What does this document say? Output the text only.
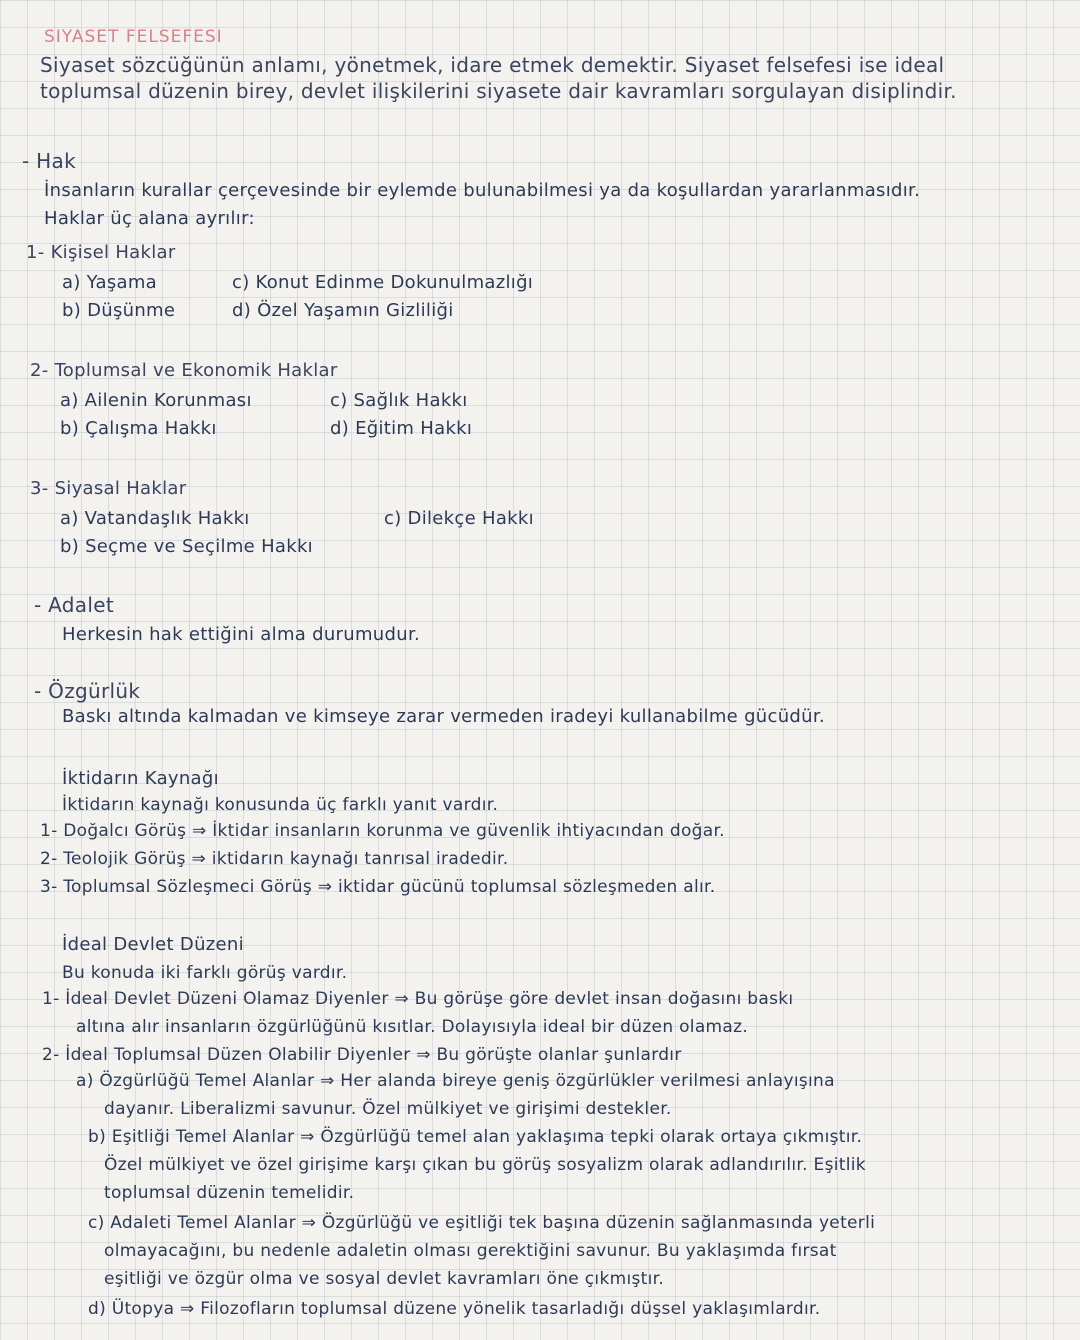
SIYASET FELSEFESI
Siyaset sözcüğünün anlamı, yönetmek, idare etmek demektir. Siyaset felsefesi ise ideal
toplumsal düzenin birey, devlet ilişkilerini siyasete dair kavramları sorgulayan disiplindir.
- Hak
İnsanların kurallar çerçevesinde bir eylemde bulunabilmesi ya da koşullardan yararlanmasıdır.
Haklar üç alana ayrılır:
1- Kişisel Haklar
a) Yaşama
b) Düşünme
c) Konut Edinme Dokunulmazlığı
d) Özel Yaşamın Gizliliği
2- Toplumsal ve Ekonomik Haklar
a) Ailenin Korunması
b) Çalışma Hakkı
c) Sağlık Hakkı
d) Eğitim Hakkı
3- Siyasal Haklar
a) Vatandaşlık Hakkı
b) Seçme ve Seçilme Hakkı
c) Dilekçe Hakkı
- Adalet
Herkesin hak ettiğini alma durumudur.
- Özgürlük
Baskı altında kalmadan ve kimseye zarar vermeden iradeyi kullanabilme gücüdür.
İktidarın Kaynağı
İktidarın kaynağı konusunda üç farklı yanıt vardır.
1- Doğalcı Görüş ⇒ İktidar insanların korunma ve güvenlik ihtiyacından doğar.
2- Teolojik Görüş ⇒ iktidarın kaynağı tanrısal iradedir.
3- Toplumsal Sözleşmeci Görüş ⇒ iktidar gücünü toplumsal sözleşmeden alır.
İdeal Devlet Düzeni
Bu konuda iki farklı görüş vardır.
1- İdeal Devlet Düzeni Olamaz Diyenler ⇒ Bu görüşe göre devlet insan doğasını baskı
altına alır insanların özgürlüğünü kısıtlar. Dolayısıyla ideal bir düzen olamaz.
2- İdeal Toplumsal Düzen Olabilir Diyenler ⇒ Bu görüşte olanlar şunlardır
a) Özgürlüğü Temel Alanlar ⇒ Her alanda bireye geniş özgürlükler verilmesi anlayışına
dayanır. Liberalizmi savunur. Özel mülkiyet ve girişimi destekler.
b) Eşitliği Temel Alanlar ⇒ Özgürlüğü temel alan yaklaşıma tepki olarak ortaya çıkmıştır.
Özel mülkiyet ve özel girişime karşı çıkan bu görüş sosyalizm olarak adlandırılır. Eşitlik
toplumsal düzenin temelidir.
c) Adaleti Temel Alanlar ⇒ Özgürlüğü ve eşitliği tek başına düzenin sağlanmasında yeterli
olmayacağını, bu nedenle adaletin olması gerektiğini savunur. Bu yaklaşımda fırsat
eşitliği ve özgür olma ve sosyal devlet kavramları öne çıkmıştır.
d) Ütopya ⇒ Filozofların toplumsal düzene yönelik tasarladığı düşsel yaklaşımlardır.
